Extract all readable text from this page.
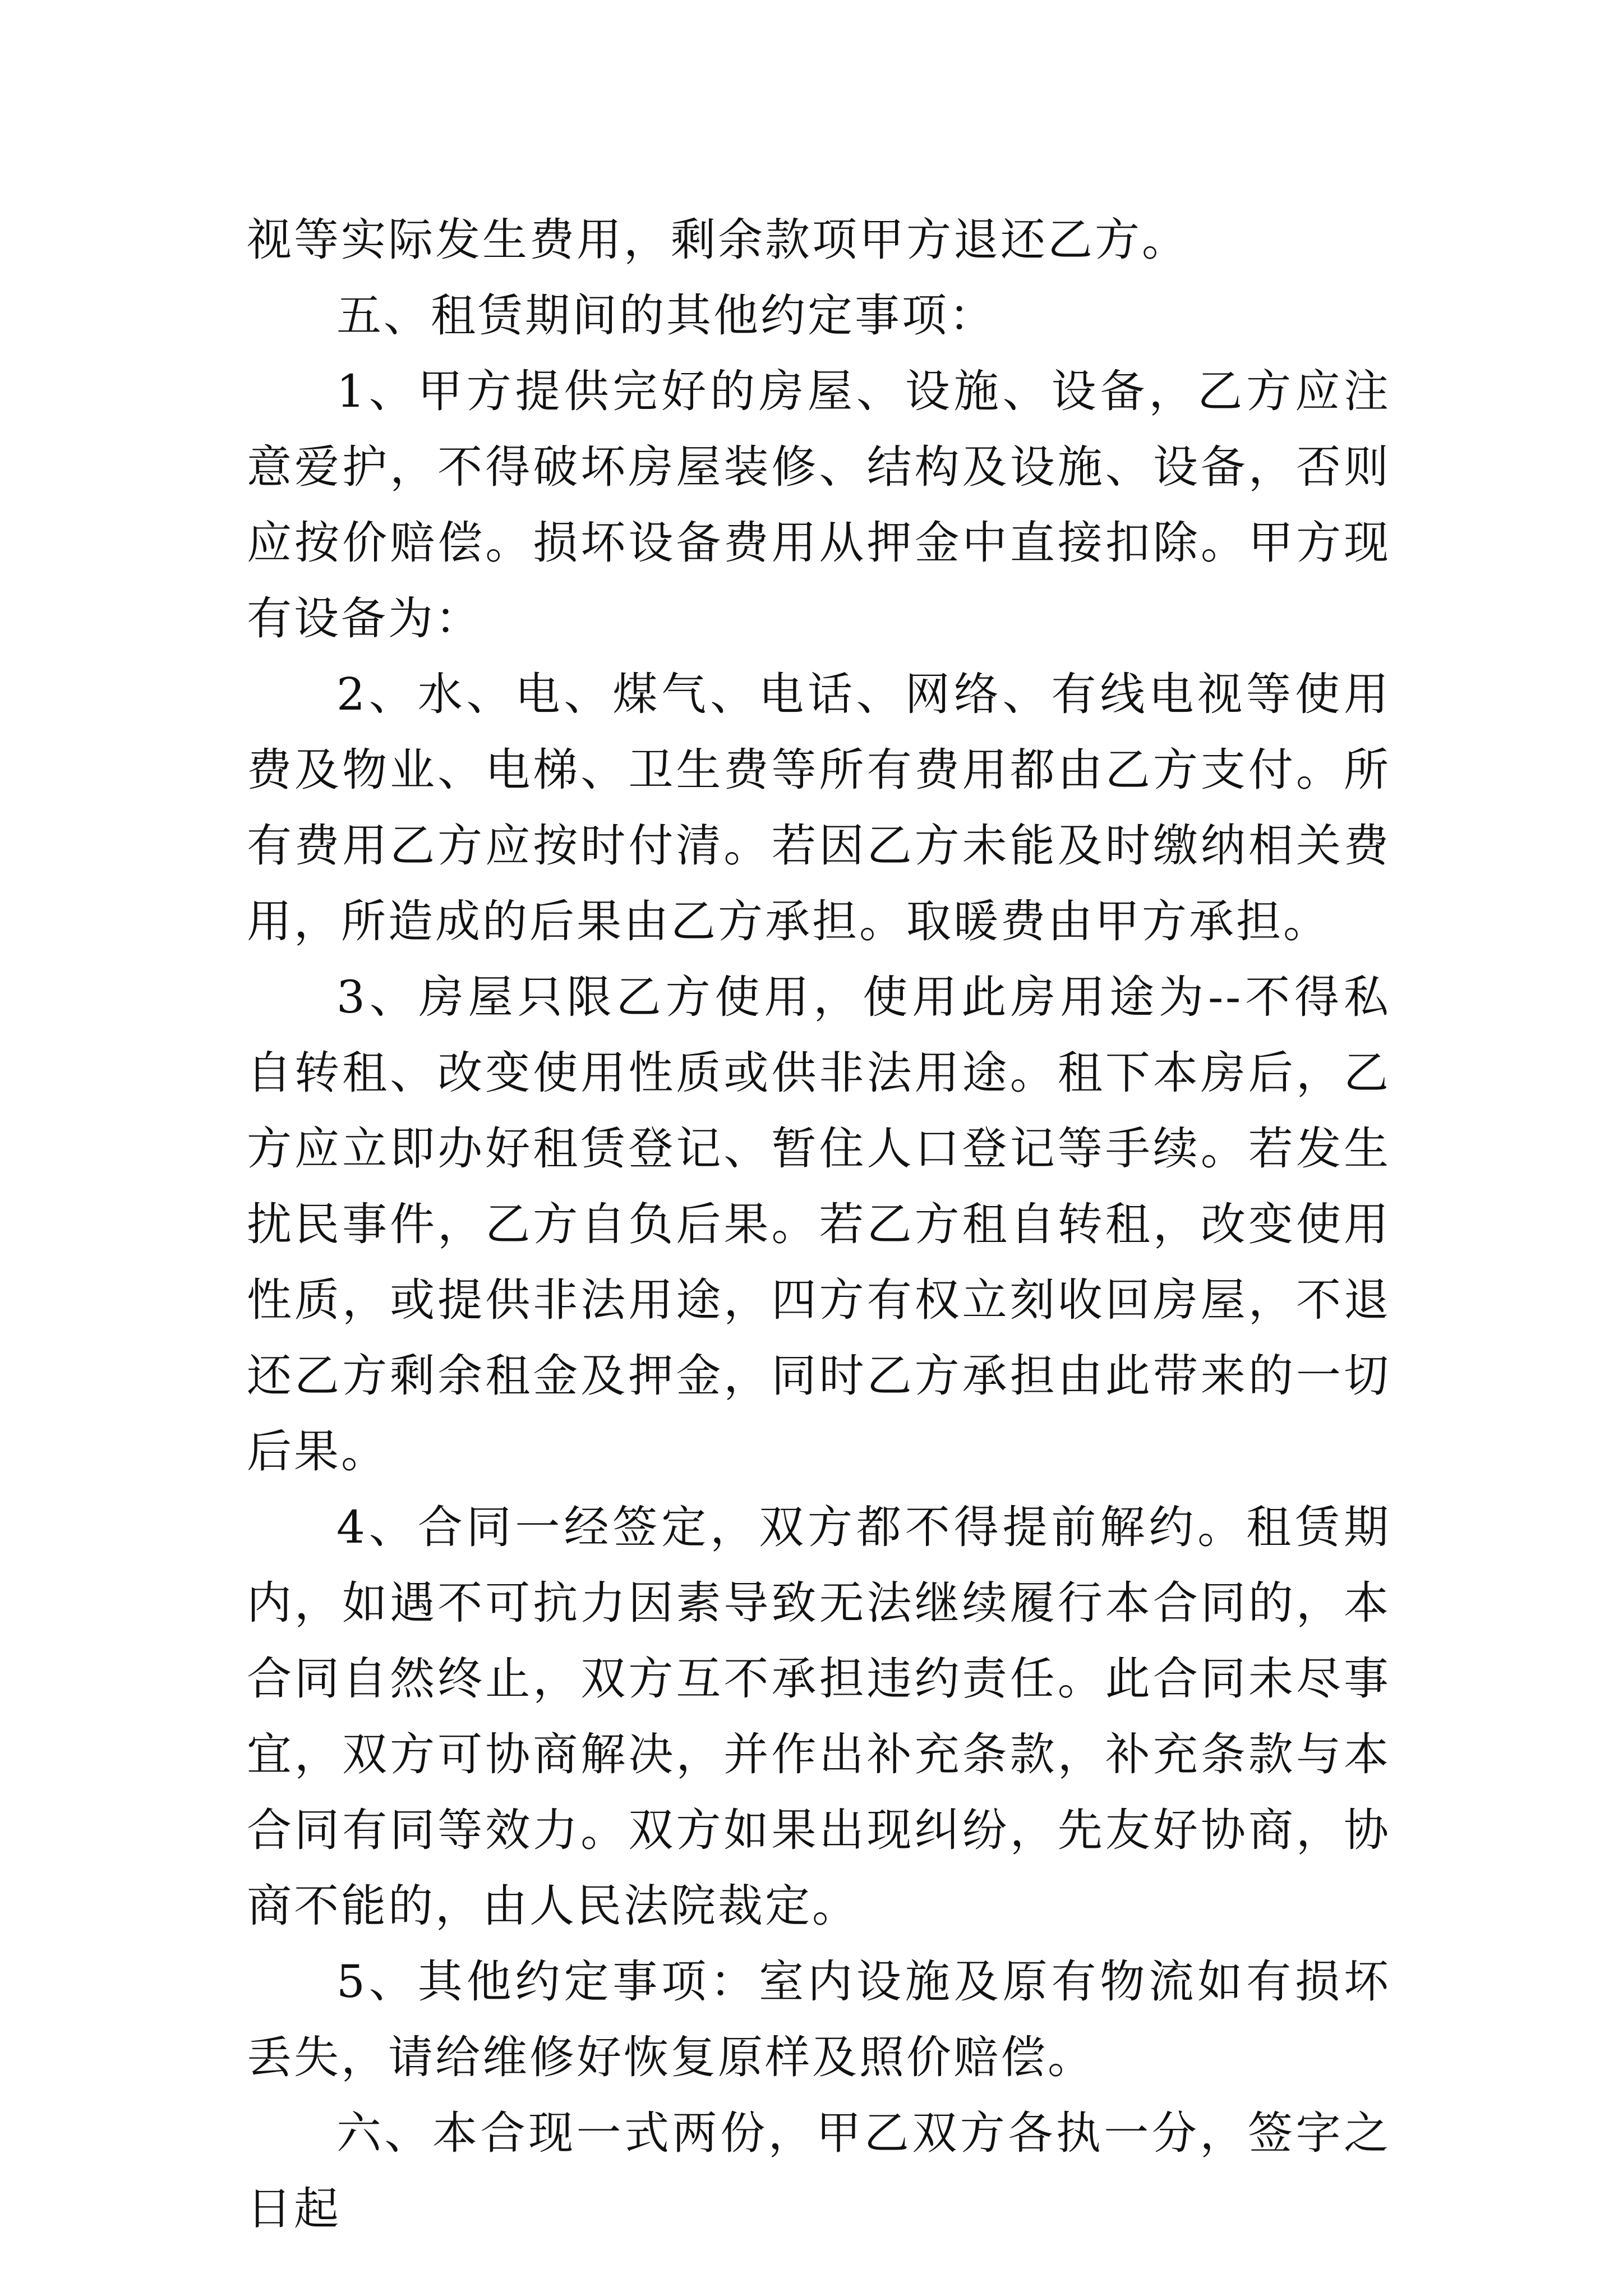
视等实际发生费用，剩余款项甲方退还乙方。

五、租赁期间的其他约定事项：

1、甲方提供完好的房屋、设施、设备，乙方应注意爱护，不得破坏房屋装修、结构及设施、设备，否则应按价赔偿。损坏设备费用从押金中直接扣除。甲方现有设备为：

2、水、电、煤气、电话、网络、有线电视等使用费及物业、电梯、卫生费等所有费用都由乙方支付。所有费用乙方应按时付清。若因乙方未能及时缴纳相关费用，所造成的后果由乙方承担。取暖费由甲方承担。

3、房屋只限乙方使用，使用此房用途为--不得私自转租、改变使用性质或供非法用途。租下本房后，乙方应立即办好租赁登记、暂住人口登记等手续。若发生扰民事件，乙方自负后果。若乙方租自转租，改变使用性质，或提供非法用途，四方有权立刻收回房屋，不退还乙方剩余租金及押金，同时乙方承担由此带来的一切后果。

4、合同一经签定，双方都不得提前解约。租赁期内，如遇不可抗力因素导致无法继续履行本合同的，本合同自然终止，双方互不承担违约责任。此合同未尽事宜，双方可协商解决，并作出补充条款，补充条款与本合同有同等效力。双方如果出现纠纷，先友好协商，协商不能的，由人民法院裁定。

5、其他约定事项：室内设施及原有物流如有损坏丢失，请给维修好恢复原样及照价赔偿。

六、本合现一式两份，甲乙双方各执一分，签字之日起
